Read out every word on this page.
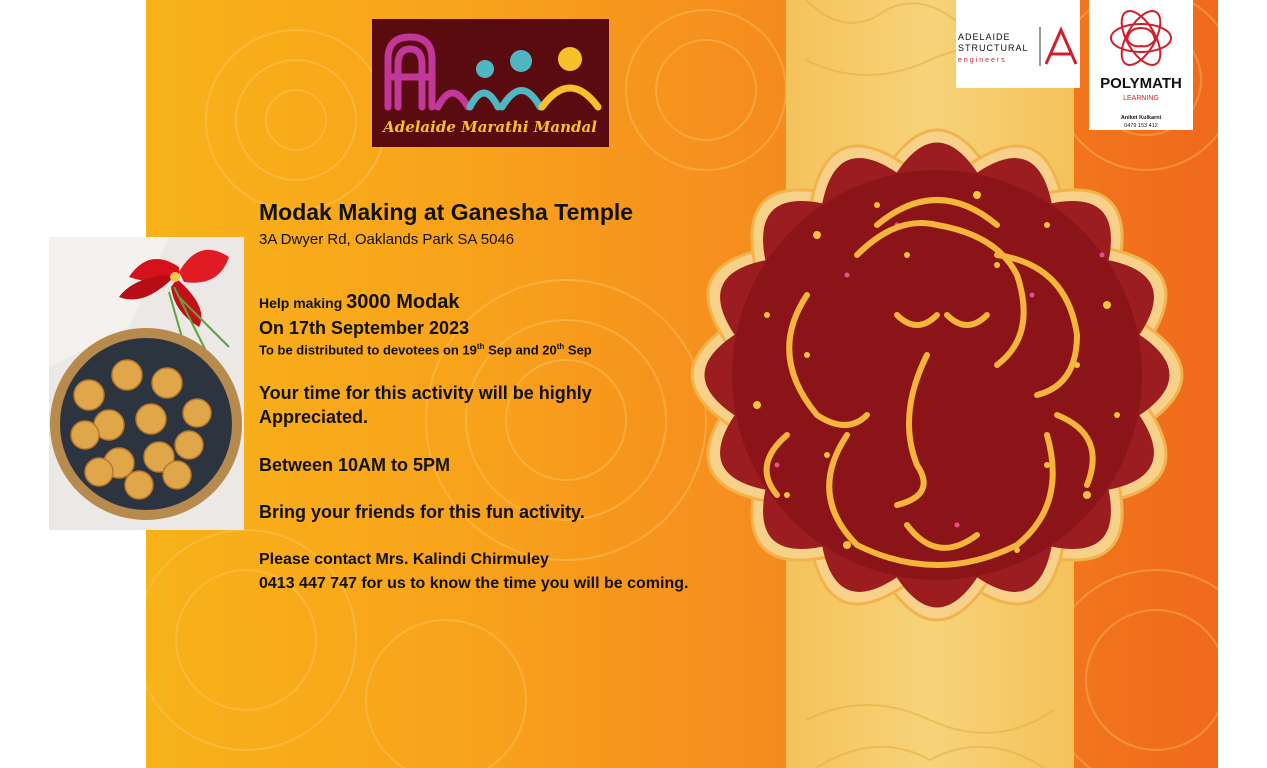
Modak Making at Ganesha Temple
3A Dwyer Rd, Oaklands Park SA 5046
Help making 3000 Modak
On 17th September 2023
To be distributed to devotees on 19th Sep and 20th Sep
Your time for this activity will be highly
Appreciated.
Between 10AM to 5PM
Bring your friends for this fun activity.
Please contact Mrs. Kalindi Chirmuley
0413 447 747 for us to know the time you will be coming.
Adelaide Marathi Mandal
ADELAIDE
STRUCTURAL
engineers
POLYMATH
LEARNING
Aniket Kulkarni
0479 153 412
